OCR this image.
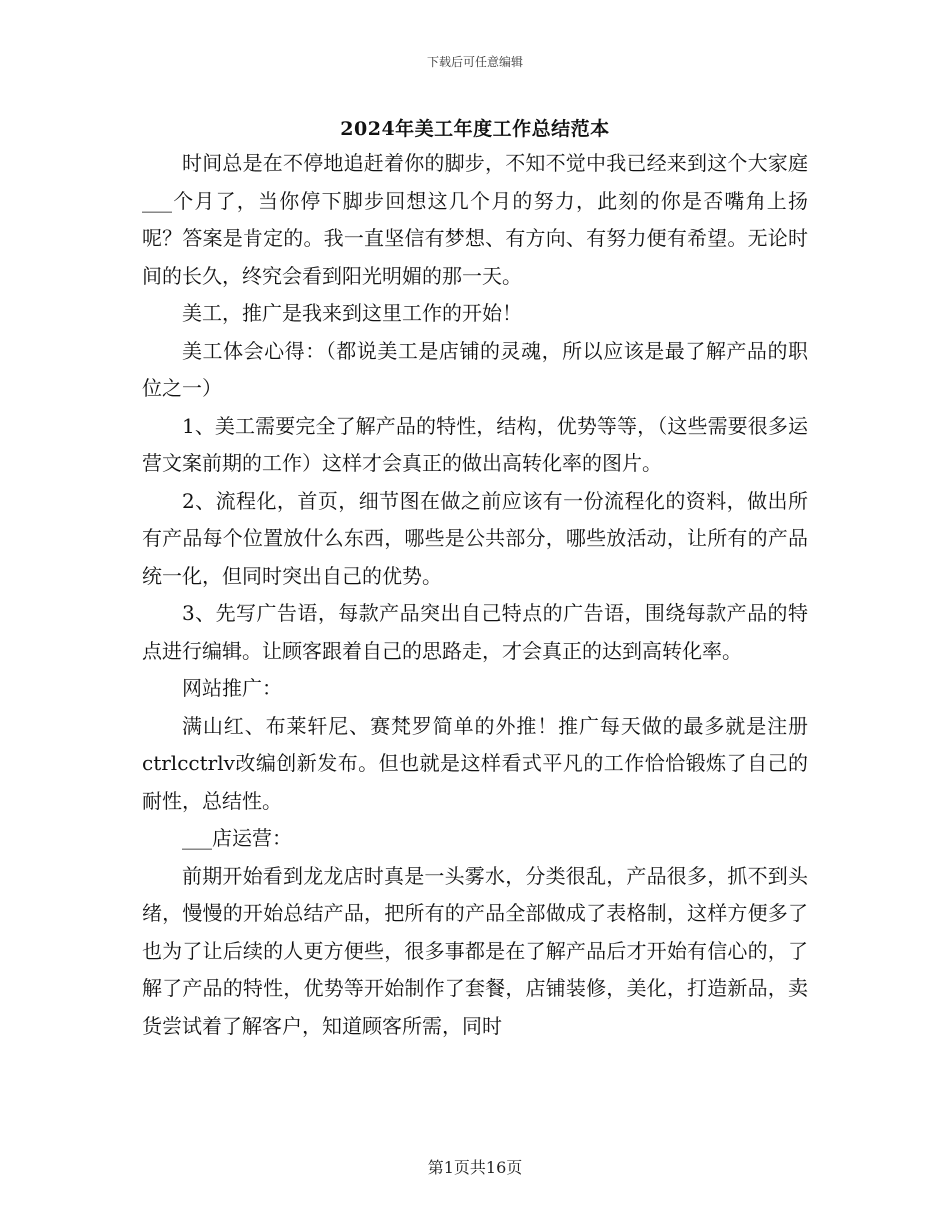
下载后可任意编辑
2024年美工年度工作总结范本

时间总是在不停地追赶着你的脚步，不知不觉中我已经来到这个大家庭___个月了，当你停下脚步回想这几个月的努力，此刻的你是否嘴角上扬呢？答案是肯定的。我一直坚信有梦想、有方向、有努力便有希望。无论时间的长久，终究会看到阳光明媚的那一天。

美工，推广是我来到这里工作的开始！

美工体会心得：（都说美工是店铺的灵魂，所以应该是最了解产品的职位之一）

1、美工需要完全了解产品的特性，结构，优势等等，（这些需要很多运营文案前期的工作）这样才会真正的做出高转化率的图片。

2、流程化，首页，细节图在做之前应该有一份流程化的资料，做出所有产品每个位置放什么东西，哪些是公共部分，哪些放活动，让所有的产品统一化，但同时突出自己的优势。

3、先写广告语，每款产品突出自己特点的广告语，围绕每款产品的特点进行编辑。让顾客跟着自己的思路走，才会真正的达到高转化率。

网站推广：

满山红、布莱轩尼、赛梵罗简单的外推！推广每天做的最多就是注册ctrlcctrlv改编创新发布。但也就是这样看式平凡的工作恰恰锻炼了自己的耐性，总结性。

___店运营：

前期开始看到龙龙店时真是一头雾水，分类很乱，产品很多，抓不到头绪，慢慢的开始总结产品，把所有的产品全部做成了表格制，这样方便多了也为了让后续的人更方便些，很多事都是在了解产品后才开始有信心的，了解了产品的特性，优势等开始制作了套餐，店铺装修，美化，打造新品，卖货尝试着了解客户，知道顾客所需，同时

第1页共16页
